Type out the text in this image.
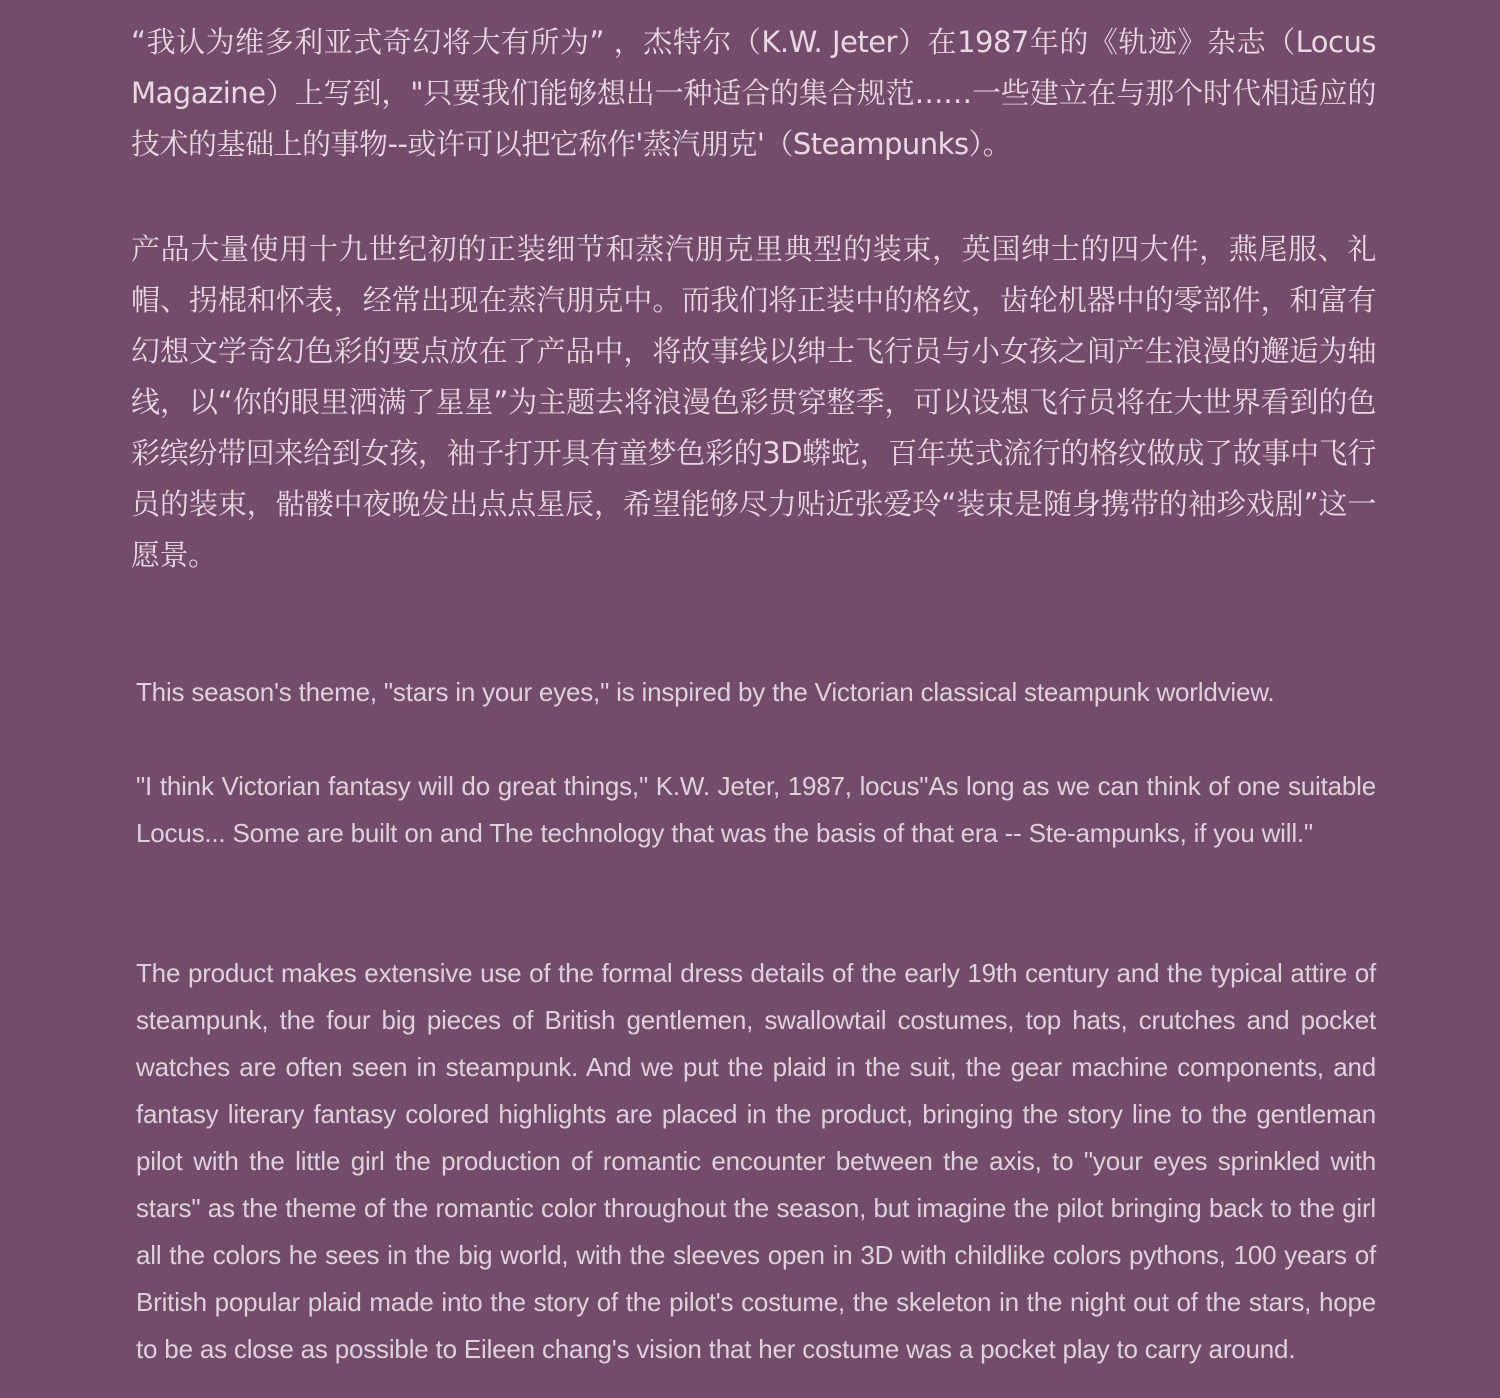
“我认为维多利亚式奇幻将大有所为” ，杰特尔（K.W. Jeter）在1987年的《轨迹》杂志（Locus Magazine）上写到，"只要我们能够想出一种适合的集合规范……一些建立在与那个时代相适应的技术的基础上的事物--或许可以把它称作'蒸汽朋克'（Steampunks）。

产品大量使用十九世纪初的正装细节和蒸汽朋克里典型的装束，英国绅士的四大件，燕尾服、礼帽、拐棍和怀表，经常出现在蒸汽朋克中。而我们将正装中的格纹，齿轮机器中的零部件，和富有幻想文学奇幻色彩的要点放在了产品中，将故事线以绅士飞行员与小女孩之间产生浪漫的邂逅为轴线，以“你的眼里洒满了星星”为主题去将浪漫色彩贯穿整季，可以设想飞行员将在大世界看到的色彩缤纷带回来给到女孩，袖子打开具有童梦色彩的3D蟒蛇，百年英式流行的格纹做成了故事中飞行员的装束，骷髅中夜晚发出点点星辰，希望能够尽力贴近张爱玲“装束是随身携带的袖珍戏剧”这一愿景。

This season's theme, "stars in your eyes," is inspired by the Victorian classical steampunk worldview.

"I think Victorian fantasy will do great things," K.W. Jeter, 1987, locus"As long as we can think of one suitable Locus... Some are built on and The technology that was the basis of that era -- Ste-ampunks, if you will."

The product makes extensive use of the formal dress details of the early 19th century and the typical attire of steampunk, the four big pieces of British gentlemen, swallowtail costumes, top hats, crutches and pocket watches are often seen in steampunk. And we put the plaid in the suit, the gear machine components, and fantasy literary fantasy colored highlights are placed in the product, bringing the story line to the gentleman pilot with the little girl the production of romantic encounter between the axis, to "your eyes sprinkled with stars" as the theme of the romantic color throughout the season, but imagine the pilot bringing back to the girl all the colors he sees in the big world, with the sleeves open in 3D with childlike colors pythons, 100 years of British popular plaid made into the story of the pilot's costume, the skeleton in the night out of the stars, hope to be as close as possible to Eileen chang's vision that her costume was a pocket play to carry around.
